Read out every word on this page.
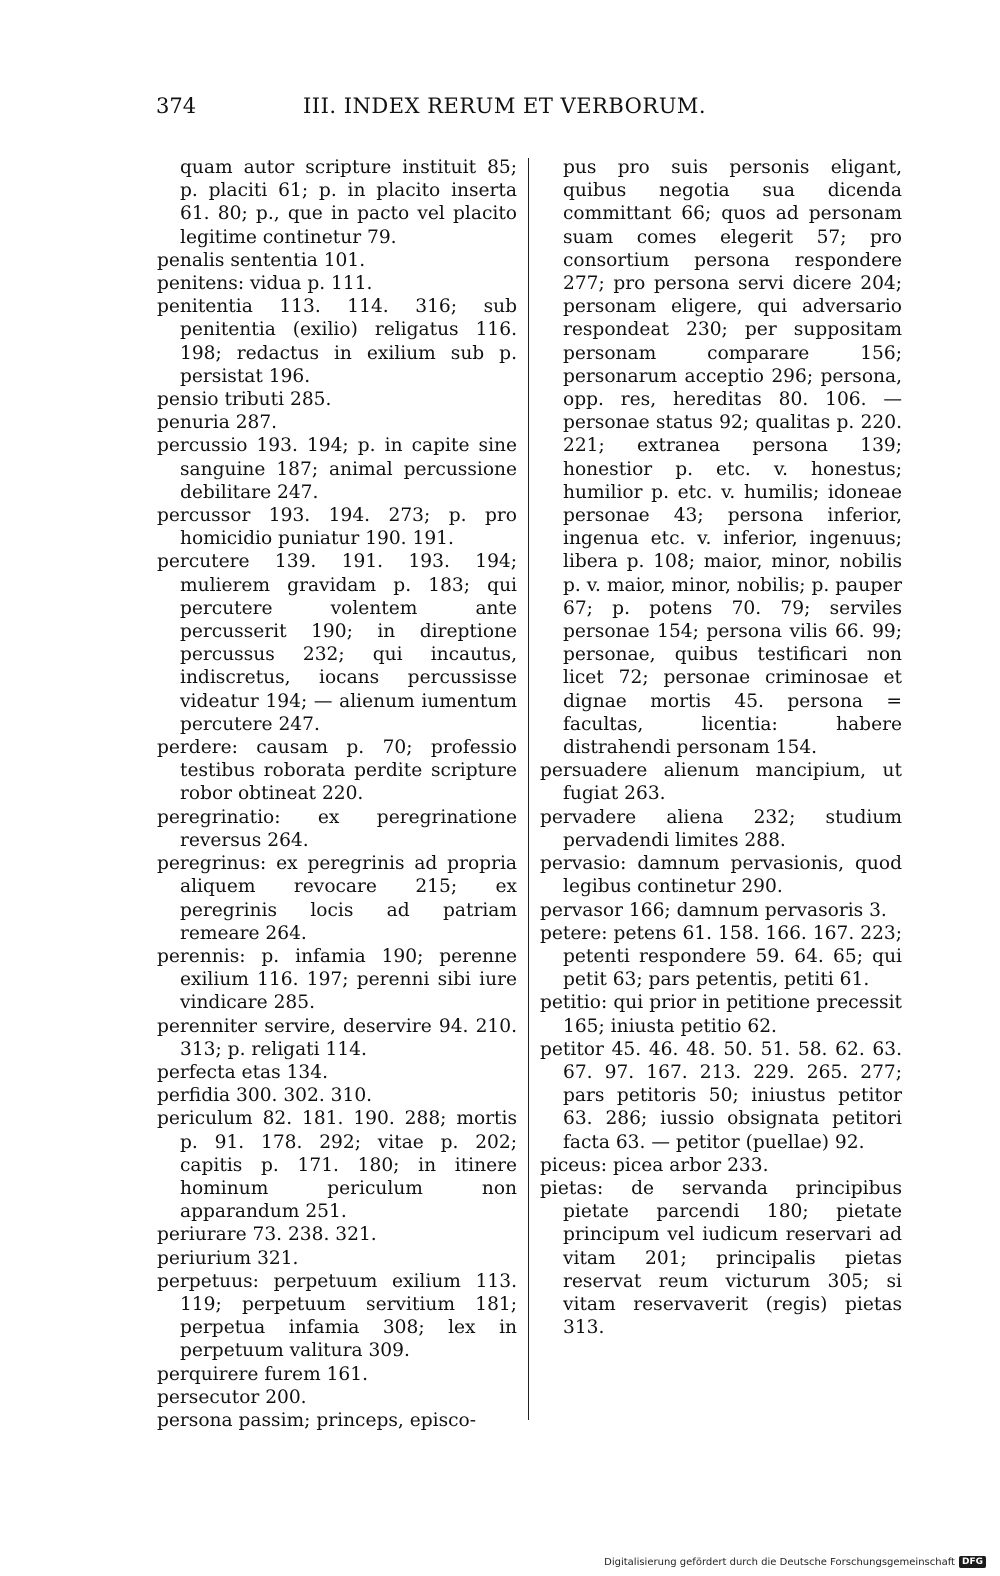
374	III. INDEX RERUM ET VERBORUM.

quam autor scripture instituit 85; p. placiti 61; p. in placito inserta 61. 80; p., que in pacto vel placito legitime continetur 79.

penalis sententia 101.

penitens: vidua p. 111.

penitentia 113. 114. 316; sub penitentia (exilio) religatus 116. 198; redactus in exilium sub p. persistat 196.

pensio tributi 285.

penuria 287.

percussio 193. 194; p. in capite sine sanguine 187; animal percussione debilitare 247.

percussor 193. 194. 273; p. pro homicidio puniatur 190. 191.

percutere 139. 191. 193. 194; mulierem gravidam p. 183; qui percutere volentem ante percusserit 190; in direptione percussus 232; qui incautus, indiscretus, iocans percussisse videatur 194; — alienum iumentum percutere 247.

perdere: causam p. 70; professio testibus roborata perdite scripture robor obtineat 220.

peregrinatio: ex peregrinatione reversus 264.

peregrinus: ex peregrinis ad propria aliquem revocare 215; ex peregrinis locis ad patriam remeare 264.

perennis: p. infamia 190; perenne exilium 116. 197; perenni sibi iure vindicare 285.

perenniter servire, deservire 94. 210. 313; p. religati 114.

perfecta etas 134.

perfidia 300. 302. 310.

periculum 82. 181. 190. 288; mortis p. 91. 178. 292; vitae p. 202; capitis p. 171. 180; in itinere hominum periculum non apparandum 251.

periurare 73. 238. 321.

periurium 321.

perpetuus: perpetuum exilium 113. 119; perpetuum servitium 181; perpetua infamia 308; lex in perpetuum valitura 309.

perquirere furem 161.

persecutor 200.

persona passim; princeps, episco-

pus pro suis personis eligant, quibus negotia sua dicenda committant 66; quos ad personam suam comes elegerit 57; pro consortium persona respondere 277; pro persona servi dicere 204; personam eligere, qui adversario respondeat 230; per suppositam personam comparare 156; personarum acceptio 296; persona, opp. res, hereditas 80. 106. — personae status 92; qualitas p. 220. 221; extranea persona 139; honestior p. etc. v. honestus; humilior p. etc. v. humilis; idoneae personae 43; persona inferior, ingenua etc. v. inferior, ingenuus; libera p. 108; maior, minor, nobilis p. v. maior, minor, nobilis; p. pauper 67; p. potens 70. 79; serviles personae 154; persona vilis 66. 99; personae, quibus testificari non licet 72; personae criminosae et dignae mortis 45. persona = facultas, licentia: habere distrahendi personam 154.

persuadere alienum mancipium, ut fugiat 263.

pervadere aliena 232; studium pervadendi limites 288.

pervasio: damnum pervasionis, quod legibus continetur 290.

pervasor 166; damnum pervasoris 3.

petere: petens 61. 158. 166. 167. 223; petenti respondere 59. 64. 65; qui petit 63; pars petentis, petiti 61.

petitio: qui prior in petitione precessit 165; iniusta petitio 62.

petitor 45. 46. 48. 50. 51. 58. 62. 63. 67. 97. 167. 213. 229. 265. 277; pars petitoris 50; iniustus petitor 63. 286; iussio obsignata petitori facta 63. — petitor (puellae) 92.

piceus: picea arbor 233.

pietas: de servanda principibus pietate parcendi 180; pietate principum vel iudicum reservari ad vitam 201; principalis pietas reservat reum victurum 305; si vitam reservaverit (regis) pietas 313.

Digitalisierung gefördert durch die Deutsche Forschungsgemeinschaft DFG
